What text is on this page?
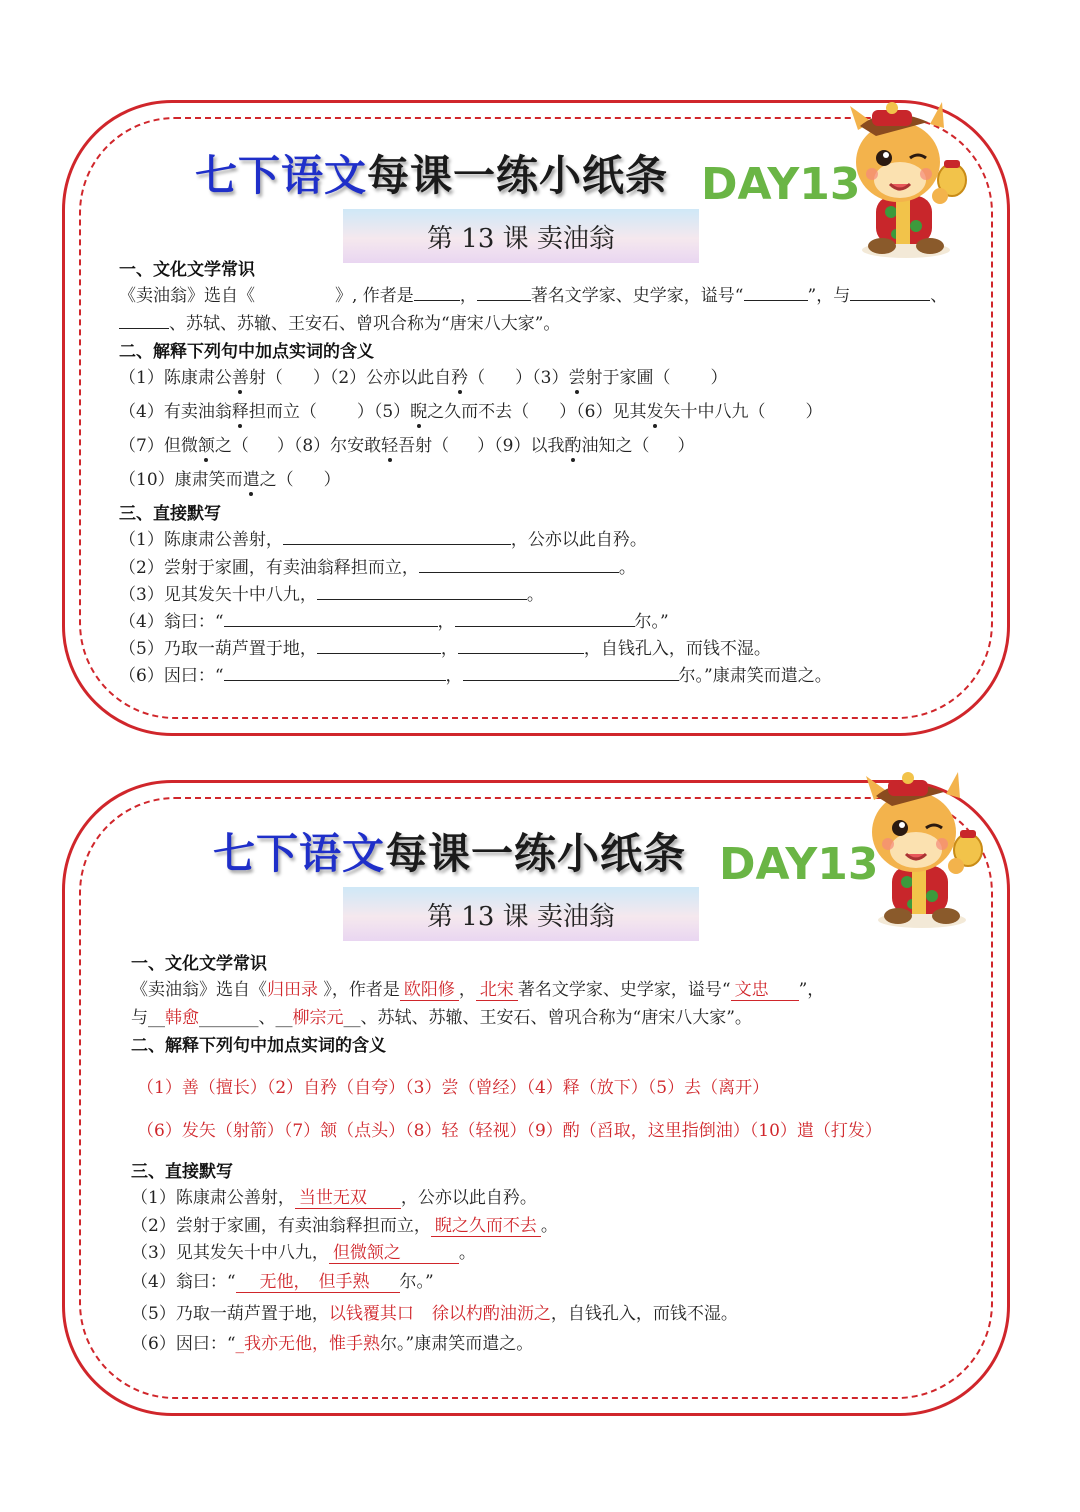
七下语文每课一练小纸条 DAY13
第 13 课 卖油翁
一、文化文学常识
《卖油翁》选自《	》, 作者是	，	著名文学家、史学家，谥号“	”，与	、
、苏轼、苏辙、王安石、曾巩合称为“唐宋八大家”。
二、解释下列句中加点实词的含义
（1）陈康肃公善射（ ）（2）公亦以此自矜（ ）（3）尝射于家圃（ ）
（4）有卖油翁释担而立（ ）（5）睨之久而不去（ ）（6）见其发矢十中八九（ ）
（7）但微颔之（ ）（8）尔安敢轻吾射（ ）（9）以我酌油知之（ ）
（10）康肃笑而遣之（ ）
三、直接默写
（1）陈康肃公善射，	，公亦以此自矜。
（2）尝射于家圃，有卖油翁释担而立，	。
（3）见其发矢十中八九，	。
（4）翁曰：“	，	尔。”
（5）乃取一葫芦置于地，	，	，自钱孔入，而钱不湿。
（6）因曰：“	，	尔。”康肃笑而遣之。
七下语文每课一练小纸条 DAY13
第 13 课 卖油翁
一、文化文学常识
《卖油翁》选自《归田录 》，作者是 欧阳修 ， 北宋 著名文学家、史学家，谥号“ 文忠 ”，
与__韩愈_______、__柳宗元__、苏轼、苏辙、王安石、曾巩合称为“唐宋八大家”。
二、解释下列句中加点实词的含义
（1）善（擅长）（2）自矜（自夸）（3）尝（曾经）（4）释（放下）（5）去（离开）
（6）发矢（射箭）（7）颔（点头）（8）轻（轻视）（9）酌（舀取，这里指倒油）（10）遣（打发）
三、直接默写
（1）陈康肃公善射， 当世无双 ，公亦以此自矜。
（2）尝射于家圃，有卖油翁释担而立， 睨之久而不去 。
（3）见其发矢十中八九， 但微颔之	。
（4）翁曰：“ 无他， 但手熟 尔。”
（5）乃取一葫芦置于地，以钱覆其口 徐以杓酌油沥之，自钱孔入，而钱不湿。
（6）因曰：“_我亦无他，惟手熟尔。”康肃笑而遣之。
